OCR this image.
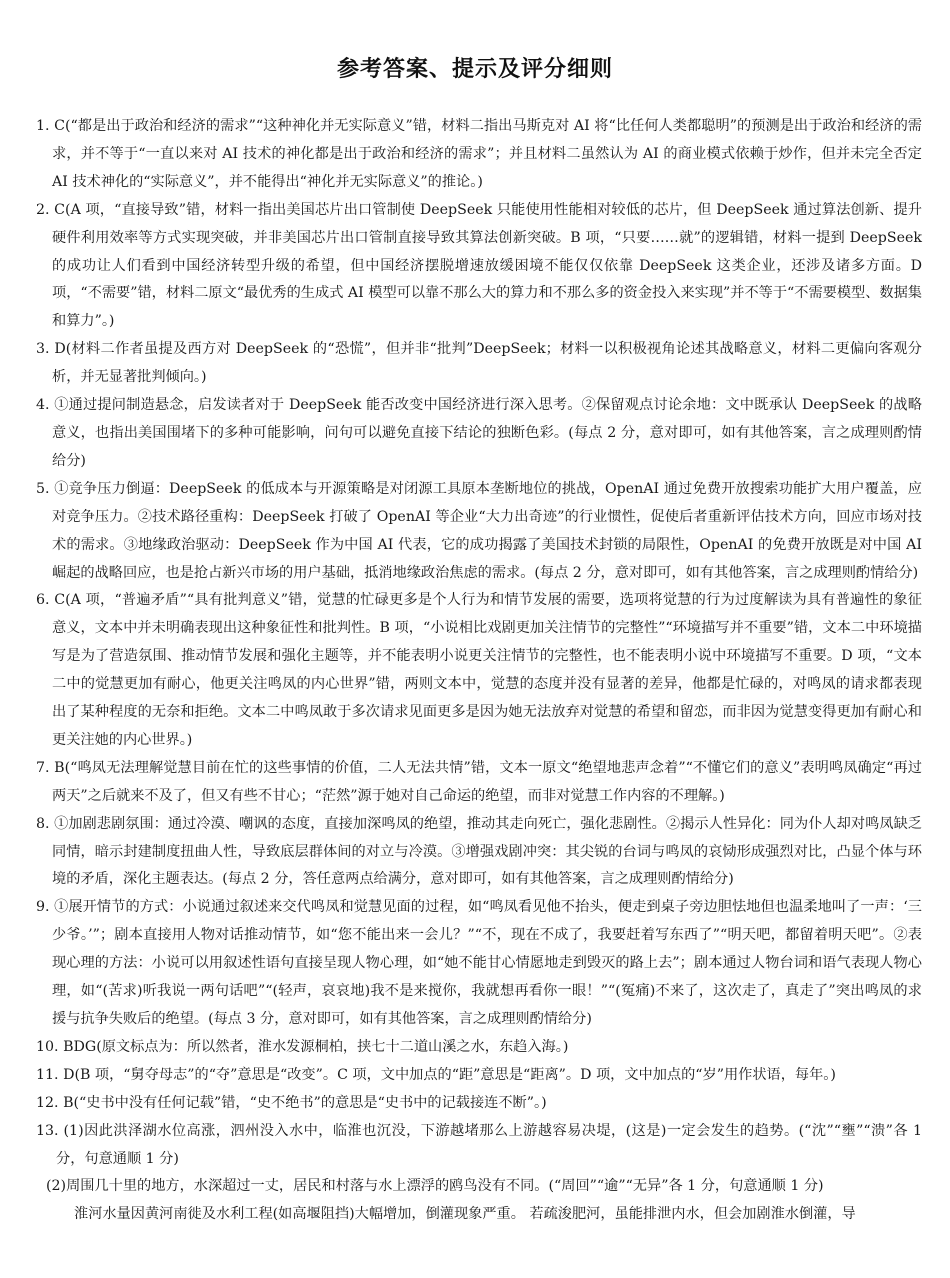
参考答案、提示及评分细则

1. C(“都是出于政治和经济的需求”“这种神化并无实际意义”错，材料二指出马斯克对 AI 将“比任何人类都聪明”的预测是出于政治和经济的需求，并不等于“一直以来对 AI 技术的神化都是出于政治和经济的需求”；并且材料二虽然认为 AI 的商业模式依赖于炒作，但并未完全否定 AI 技术神化的“实际意义”，并不能得出“神化并无实际意义”的推论。)

2. C(A 项，“直接导致”错，材料一指出美国芯片出口管制使 DeepSeek 只能使用性能相对较低的芯片，但 DeepSeek 通过算法创新、提升硬件利用效率等方式实现突破，并非美国芯片出口管制直接导致其算法创新突破。B 项，“只要……就”的逻辑错，材料一提到 DeepSeek 的成功让人们看到中国经济转型升级的希望，但中国经济摆脱增速放缓困境不能仅仅依靠 DeepSeek 这类企业，还涉及诸多方面。D 项，“不需要”错，材料二原文“最优秀的生成式 AI 模型可以靠不那么大的算力和不那么多的资金投入来实现”并不等于“不需要模型、数据集和算力”。)

3. D(材料二作者虽提及西方对 DeepSeek 的“恐慌”，但并非“批判”DeepSeek；材料一以积极视角论述其战略意义，材料二更偏向客观分析，并无显著批判倾向。)

4. ①通过提问制造悬念，启发读者对于 DeepSeek 能否改变中国经济进行深入思考。②保留观点讨论余地：文中既承认 DeepSeek 的战略意义，也指出美国围堵下的多种可能影响，问句可以避免直接下结论的独断色彩。(每点 2 分，意对即可，如有其他答案，言之成理则酌情给分)

5. ①竞争压力倒逼：DeepSeek 的低成本与开源策略是对闭源工具原本垄断地位的挑战，OpenAI 通过免费开放搜索功能扩大用户覆盖，应对竞争压力。②技术路径重构：DeepSeek 打破了 OpenAI 等企业“大力出奇迹”的行业惯性，促使后者重新评估技术方向，回应市场对技术的需求。③地缘政治驱动：DeepSeek 作为中国 AI 代表，它的成功揭露了美国技术封锁的局限性，OpenAI 的免费开放既是对中国 AI 崛起的战略回应，也是抢占新兴市场的用户基础，抵消地缘政治焦虑的需求。(每点 2 分，意对即可，如有其他答案，言之成理则酌情给分)

6. C(A 项，“普遍矛盾”“具有批判意义”错，觉慧的忙碌更多是个人行为和情节发展的需要，选项将觉慧的行为过度解读为具有普遍性的象征意义，文本中并未明确表现出这种象征性和批判性。B 项，“小说相比戏剧更加关注情节的完整性”“环境描写并不重要”错，文本二中环境描写是为了营造氛围、推动情节发展和强化主题等，并不能表明小说更关注情节的完整性，也不能表明小说中环境描写不重要。D 项，“文本二中的觉慧更加有耐心，他更关注鸣凤的内心世界”错，两则文本中，觉慧的态度并没有显著的差异，他都是忙碌的，对鸣凤的请求都表现出了某种程度的无奈和拒绝。文本二中鸣凤敢于多次请求见面更多是因为她无法放弃对觉慧的希望和留恋，而非因为觉慧变得更加有耐心和更关注她的内心世界。)

7. B(“鸣凤无法理解觉慧目前在忙的这些事情的价值，二人无法共情”错，文本一原文“绝望地悲声念着”“不懂它们的意义”表明鸣凤确定“再过两天”之后就来不及了，但又有些不甘心；“茫然”源于她对自己命运的绝望，而非对觉慧工作内容的不理解。)

8. ①加剧悲剧氛围：通过冷漠、嘲讽的态度，直接加深鸣凤的绝望，推动其走向死亡，强化悲剧性。②揭示人性异化：同为仆人却对鸣凤缺乏同情，暗示封建制度扭曲人性，导致底层群体间的对立与冷漠。③增强戏剧冲突：其尖锐的台词与鸣凤的哀恸形成强烈对比，凸显个体与环境的矛盾，深化主题表达。(每点 2 分，答任意两点给满分，意对即可，如有其他答案，言之成理则酌情给分)

9. ①展开情节的方式：小说通过叙述来交代鸣凤和觉慧见面的过程，如“鸣凤看见他不抬头，便走到桌子旁边胆怯地但也温柔地叫了一声：‘三少爷。’”；剧本直接用人物对话推动情节，如“您不能出来一会儿？”“不，现在不成了，我要赶着写东西了”“明天吧，都留着明天吧”。②表现心理的方法：小说可以用叙述性语句直接呈现人物心理，如“她不能甘心情愿地走到毁灭的路上去”；剧本通过人物台词和语气表现人物心理，如“(苦求)听我说一两句话吧”“(轻声，哀哀地)我不是来搅你，我就想再看你一眼！”“(冤痛)不来了，这次走了，真走了”突出鸣凤的求援与抗争失败后的绝望。(每点 3 分，意对即可，如有其他答案，言之成理则酌情给分)

10. BDG(原文标点为：所以然者，淮水发源桐柏，挟七十二道山溪之水，东趋入海。)

11. D(B 项，“舅夺母志”的“夺”意思是“改变”。C 项，文中加点的“距”意思是“距离”。D 项，文中加点的“岁”用作状语，每年。)

12. B(“史书中没有任何记载”错，“史不绝书”的意思是“史书中的记载接连不断”。)

13. (1)因此洪泽湖水位高涨，泗州没入水中，临淮也沉没，下游越堵那么上游越容易决堤，(这是)一定会发生的趋势。(“沈”“壅”“溃”各 1 分，句意通顺 1 分)

(2)周围几十里的地方，水深超过一丈，居民和村落与水上漂浮的鸥鸟没有不同。(“周回”“逾”“无异”各 1 分，句意通顺 1 分)

淮河水量因黄河南徙及水利工程(如高堰阻挡)大幅增加，倒灌现象严重。 若疏浚肥河，虽能排泄内水，但会加剧淮水倒灌，导
